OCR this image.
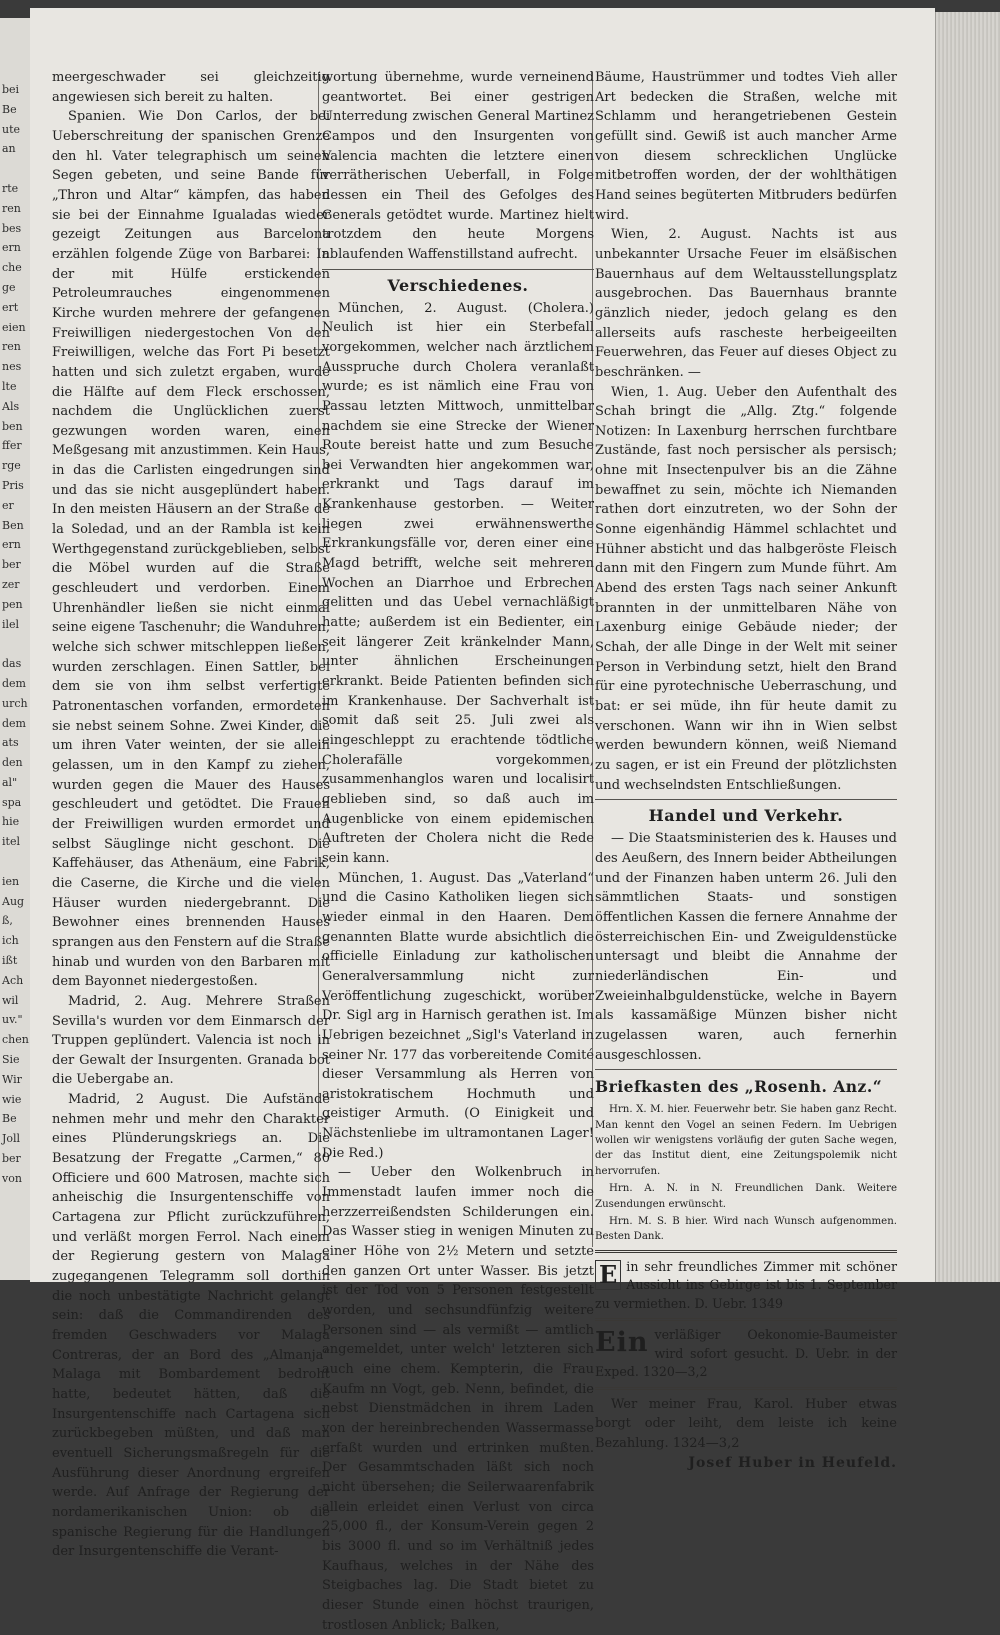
bei
Be
ute
an
rte
ren
bes
ern
che
ge
ert
eien
ren
nes
lte
Als
ben
ffer
rge
Pris
er
Ben
ern
ber
zer
pen
ilel
das
dem
urch
dem
ats
den
al"
spa
hie
itel
ien
Aug
ß,
ich
ißt
Ach
wil
uv."
chen
Sie
Wir
wie
Be
Joll
ber
von

meergeschwader sei gleichzeitig angewiesen sich bereit zu halten.

Spanien. Wie Don Carlos, der bei Ueberschreitung der spanischen Grenze den hl. Vater telegraphisch um seinen Segen gebeten, und seine Bande für „Thron und Altar“ kämpfen, das haben sie bei der Einnahme Igualadas wieder gezeigt Zeitungen aus Barcelona erzählen folgende Züge von Barbarei: In der mit Hülfe erstickenden Petroleumrauches eingenommenen Kirche wurden mehrere der gefangenen Freiwilligen niedergestochen Von den Freiwilligen, welche das Fort Pi besetzt hatten und sich zuletzt ergaben, wurde die Hälfte auf dem Fleck erschossen, nachdem die Unglücklichen zuerst gezwungen worden waren, einen Meßgesang mit anzustimmen. Kein Haus, in das die Carlisten eingedrungen sind und das sie nicht ausgeplündert haben. In den meisten Häusern an der Straße de la Soledad, und an der Rambla ist kein Werthgegenstand zurückgeblieben, selbst die Möbel wurden auf die Straße geschleudert und verdorben. Einem Uhrenhändler ließen sie nicht einmal seine eigene Taschenuhr; die Wanduhren, welche sich schwer mitschleppen ließen, wurden zerschlagen. Einen Sattler, bei dem sie von ihm selbst verfertigte Patronentaschen vorfanden, ermordeten sie nebst seinem Sohne. Zwei Kinder, die um ihren Vater weinten, der sie allein gelassen, um in den Kampf zu ziehen, wurden gegen die Mauer des Hauses geschleudert und getödtet. Die Frauen der Freiwilligen wurden ermordet und selbst Säuglinge nicht geschont. Die Kaffehäuser, das Athenäum, eine Fabrik, die Caserne, die Kirche und die vielen Häuser wurden niedergebrannt. Die Bewohner eines brennenden Hauses sprangen aus den Fenstern auf die Straße hinab und wurden von den Barbaren mit dem Bayonnet niedergestoßen.

Madrid, 2. Aug. Mehrere Straßen Sevilla's wurden vor dem Einmarsch der Truppen geplündert. Valencia ist noch in der Gewalt der Insurgenten. Granada bot die Uebergabe an.

Madrid, 2 August. Die Aufstände nehmen mehr und mehr den Charakter eines Plünderungskriegs an. Die Besatzung der Fregatte „Carmen,“ 80 Officiere und 600 Matrosen, machte sich anheischig die Insurgentenschiffe von Cartagena zur Pflicht zurückzuführen, und verläßt morgen Ferrol. Nach einem der Regierung gestern von Malaga zugegangenen Telegramm soll dorthin die noch unbestätigte Nachricht gelangt sein: daß die Commandirenden des fremden Geschwaders vor Malaga Contreras, der an Bord des „Almanja“ Malaga mit Bombardement bedroht hatte, bedeutet hätten, daß die Insurgentenschiffe nach Cartagena sich zurückbegeben müßten, und daß man eventuell Sicherungsmaßregeln für die Ausführung dieser Anordnung ergreifen werde. Auf Anfrage der Regierung der nordamerikanischen Union: ob die spanische Regierung für die Handlungen der Insurgentenschiffe die Verant-

wortung übernehme, wurde verneinend geantwortet. Bei einer gestrigen Unterredung zwischen General Martinez Campos und den Insurgenten von Valencia machten die letztere einen verrätherischen Ueberfall, in Folge dessen ein Theil des Gefolges des Generals getödtet wurde. Martinez hielt trotzdem den heute Morgens ablaufenden Waffenstillstand aufrecht.

Verschiedenes.

München, 2. August. (Cholera.) Neulich ist hier ein Sterbefall vorgekommen, welcher nach ärztlichem Ausspruche durch Cholera veranlaßt wurde; es ist nämlich eine Frau von Passau letzten Mittwoch, unmittelbar nachdem sie eine Strecke der Wiener Route bereist hatte und zum Besuche bei Verwandten hier angekommen war, erkrankt und Tags darauf im Krankenhause gestorben. — Weiter liegen zwei erwähnenswerthe Erkrankungsfälle vor, deren einer eine Magd betrifft, welche seit mehreren Wochen an Diarrhoe und Erbrechen gelitten und das Uebel vernachläßigt hatte; außerdem ist ein Bedienter, ein seit längerer Zeit kränkelnder Mann, unter ähnlichen Erscheinungen erkrankt. Beide Patienten befinden sich im Krankenhause. Der Sachverhalt ist somit daß seit 25. Juli zwei als eingeschleppt zu erachtende tödtliche Cholerafälle vorgekommen, zusammenhanglos waren und localisirt geblieben sind, so daß auch im Augenblicke von einem epidemischen Auftreten der Cholera nicht die Rede sein kann.

München, 1. August. Das „Vaterland“ und die Casino Katholiken liegen sich wieder einmal in den Haaren. Dem genannten Blatte wurde absichtlich die officielle Einladung zur katholischen Generalversammlung nicht zur Veröffentlichung zugeschickt, worüber Dr. Sigl arg in Harnisch gerathen ist. Im Uebrigen bezeichnet „Sigl's Vaterland in seiner Nr. 177 das vorbereitende Comité dieser Versammlung als Herren von aristokratischem Hochmuth und geistiger Armuth. (O Einigkeit und Nächstenliebe im ultramontanen Lager! Die Red.)

— Ueber den Wolkenbruch in Immenstadt laufen immer noch die herzzerreißendsten Schilderungen ein. Das Wasser stieg in wenigen Minuten zu einer Höhe von 2½ Metern und setzte den ganzen Ort unter Wasser. Bis jetzt ist der Tod von 5 Personen festgestellt worden, und sechsundfünfzig weitere Personen sind — als vermißt — amtlich angemeldet, unter welch' letzteren sich auch eine chem. Kempterin, die Frau Kaufm nn Vogt, geb. Nenn, befindet, die nebst Dienstmädchen in ihrem Laden von der hereinbrechenden Wassermasse erfaßt wurden und ertrinken mußten. Der Gesammtschaden läßt sich noch nicht übersehen; die Seilerwaarenfabrik allein erleidet einen Verlust von circa 25,000 fl., der Konsum-Verein gegen 2 bis 3000 fl. und so im Verhältniß jedes Kaufhaus, welches in der Nähe des Steigbaches lag. Die Stadt bietet zu dieser Stunde einen höchst traurigen, trostlosen Anblick; Balken,

Bäume, Haustrümmer und todtes Vieh aller Art bedecken die Straßen, welche mit Schlamm und herangetriebenen Gestein gefüllt sind. Gewiß ist auch mancher Arme von diesem schrecklichen Unglücke mitbetroffen worden, der der wohlthätigen Hand seines begüterten Mitbruders bedürfen wird.

Wien, 2. August. Nachts ist aus unbekannter Ursache Feuer im elsäßischen Bauernhaus auf dem Weltausstellungsplatz ausgebrochen. Das Bauernhaus brannte gänzlich nieder, jedoch gelang es den allerseits aufs rascheste herbeigeeilten Feuerwehren, das Feuer auf dieses Object zu beschränken. —

Wien, 1. Aug. Ueber den Aufenthalt des Schah bringt die „Allg. Ztg.“ folgende Notizen: In Laxenburg herrschen furchtbare Zustände, fast noch persischer als persisch; ohne mit Insectenpulver bis an die Zähne bewaffnet zu sein, möchte ich Niemanden rathen dort einzutreten, wo der Sohn der Sonne eigenhändig Hämmel schlachtet und Hühner absticht und das halbgeröste Fleisch dann mit den Fingern zum Munde führt. Am Abend des ersten Tags nach seiner Ankunft brannten in der unmittelbaren Nähe von Laxenburg einige Gebäude nieder; der Schah, der alle Dinge in der Welt mit seiner Person in Verbindung setzt, hielt den Brand für eine pyrotechnische Ueberraschung, und bat: er sei müde, ihn für heute damit zu verschonen. Wann wir ihn in Wien selbst werden bewundern können, weiß Niemand zu sagen, er ist ein Freund der plötzlichsten und wechselndsten Entschließungen.

Handel und Verkehr.

— Die Staatsministerien des k. Hauses und des Aeußern, des Innern beider Abtheilungen und der Finanzen haben unterm 26. Juli den sämmtlichen Staats- und sonstigen öffentlichen Kassen die fernere Annahme der österreichischen Ein- und Zweiguldenstücke untersagt und bleibt die Annahme der niederländischen Ein- und Zweieinhalbguldenstücke, welche in Bayern als kassamäßige Münzen bisher nicht zugelassen waren, auch fernerhin ausgeschlossen.

Briefkasten des „Rosenh. Anz.“

Hrn. X. M. hier. Feuerwehr betr. Sie haben ganz Recht. Man kennt den Vogel an seinen Federn. Im Uebrigen wollen wir wenigstens vorläufig der guten Sache wegen, der das Institut dient, eine Zeitungspolemik nicht hervorrufen.

Hrn. A. N. in N. Freundlichen Dank. Weitere Zusendungen erwünscht.

Hrn. M. S. B hier. Wird nach Wunsch aufgenommen. Besten Dank.

E in sehr freundliches Zimmer mit schöner Aussicht ins Gebirge ist bis 1. September zu vermiethen. D. Uebr. 1349
Ein verläßiger Oekonomie-Baumeister wird sofort gesucht. D. Uebr. in der Exped. 1320—3,2

Wer meiner Frau, Karol. Huber etwas borgt oder leiht, dem leiste ich keine Bezahlung. 1324—3,2

Josef Huber in Heufeld.
